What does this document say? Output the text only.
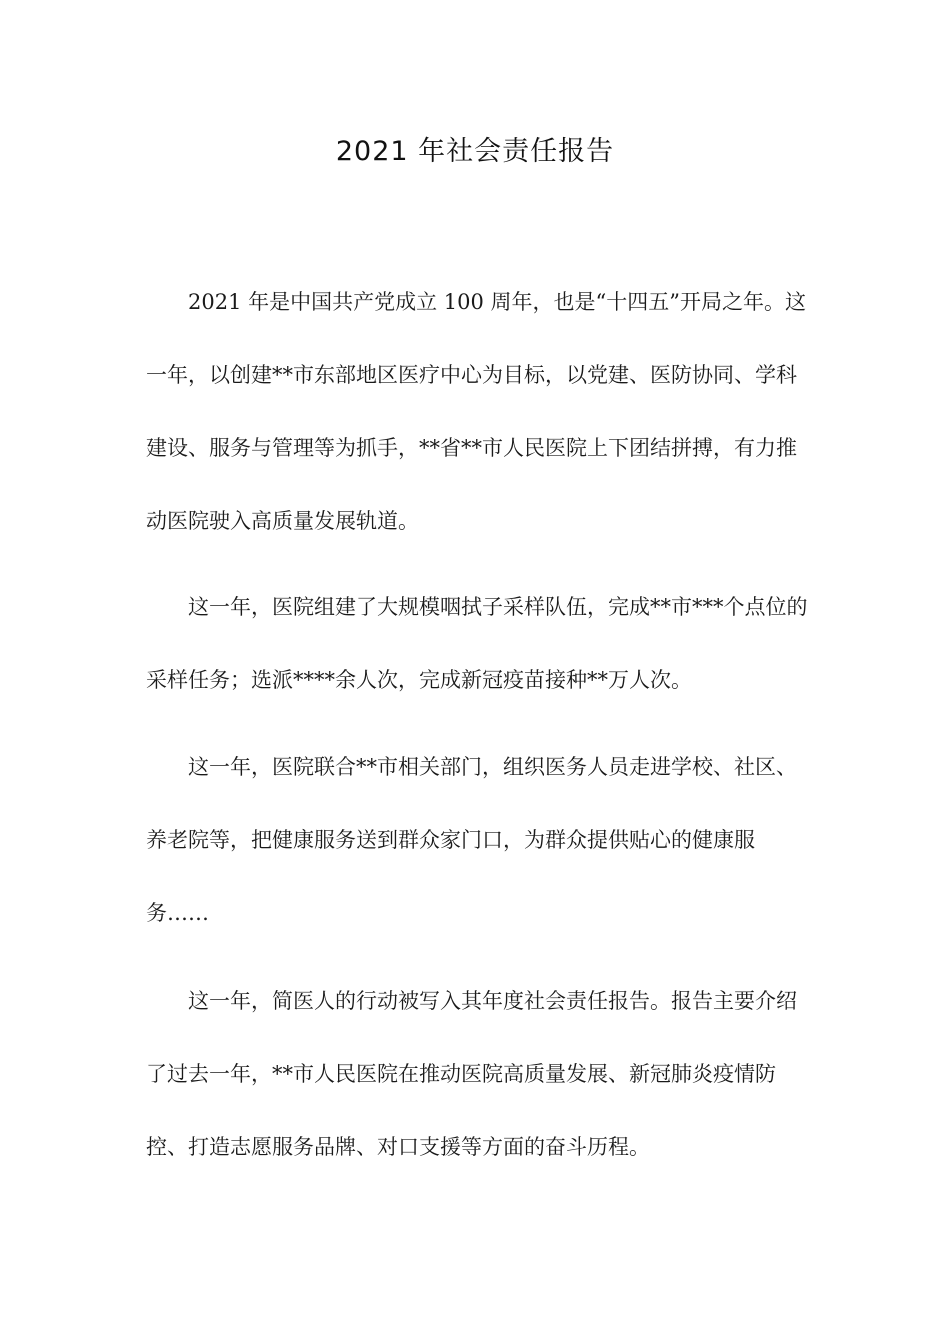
2021 年社会责任报告

2021 年是中国共产党成立 100 周年，也是“十四五”开局之年。这一年，以创建**市东部地区医疗中心为目标，以党建、医防协同、学科建设、服务与管理等为抓手，**省**市人民医院上下团结拼搏，有力推动医院驶入高质量发展轨道。

这一年，医院组建了大规模咽拭子采样队伍，完成**市***个点位的采样任务；选派****余人次，完成新冠疫苗接种**万人次。

这一年，医院联合**市相关部门，组织医务人员走进学校、社区、养老院等，把健康服务送到群众家门口，为群众提供贴心的健康服务……

这一年，简医人的行动被写入其年度社会责任报告。报告主要介绍了过去一年，**市人民医院在推动医院高质量发展、新冠肺炎疫情防控、打造志愿服务品牌、对口支援等方面的奋斗历程。
